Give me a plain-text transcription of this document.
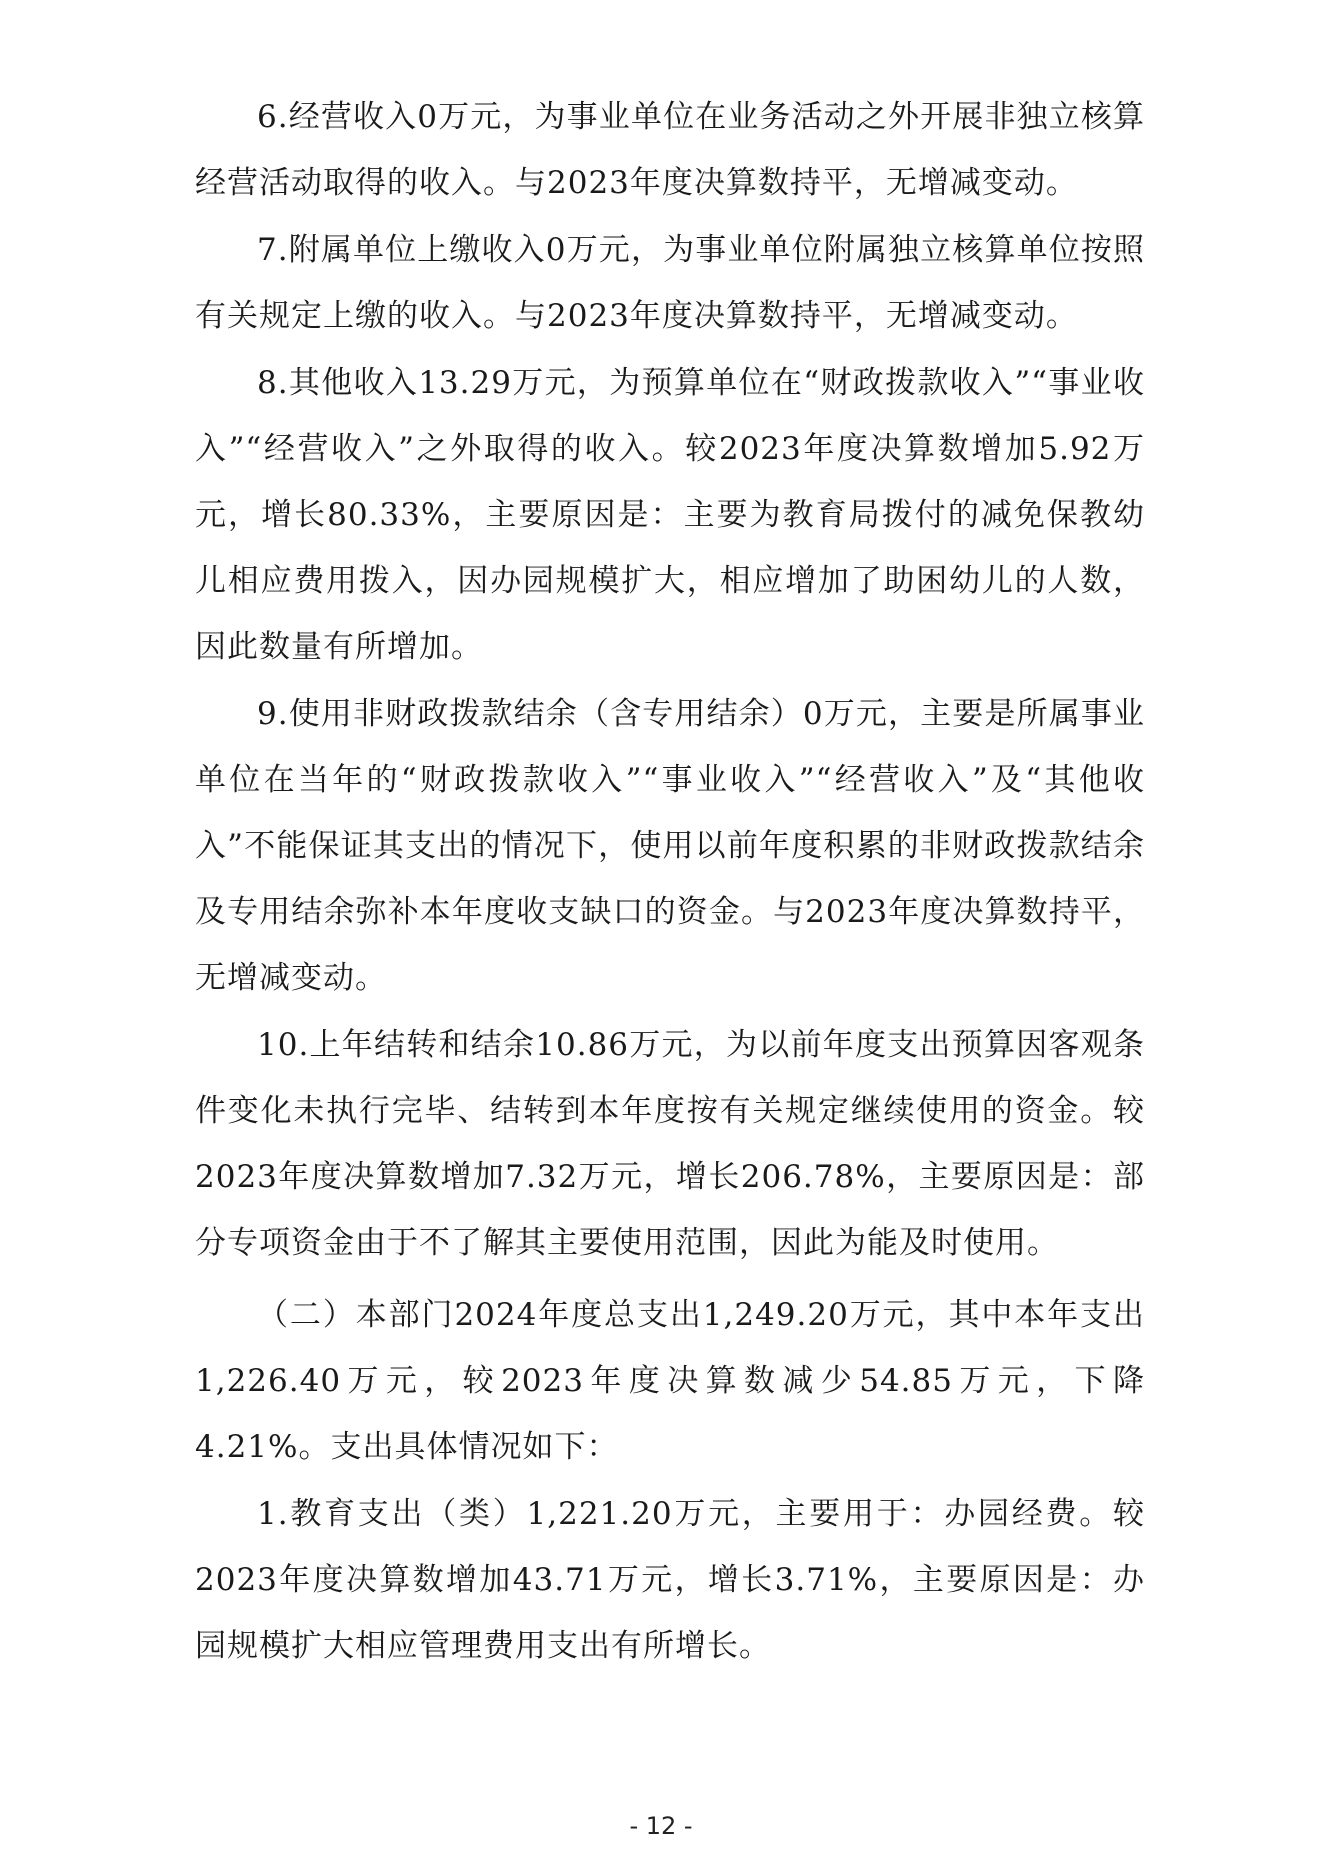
6.经营收入0万元，为事业单位在业务活动之外开展非独立核算经营活动取得的收入。与2023年度决算数持平，无增减变动。

7.附属单位上缴收入0万元，为事业单位附属独立核算单位按照有关规定上缴的收入。与2023年度决算数持平，无增减变动。

8.其他收入13.29万元，为预算单位在“财政拨款收入”“事业收入”“经营收入”之外取得的收入。较2023年度决算数增加5.92万元，增长80.33%，主要原因是：主要为教育局拨付的减免保教幼儿相应费用拨入，因办园规模扩大，相应增加了助困幼儿的人数，因此数量有所增加。

9.使用非财政拨款结余（含专用结余）0万元，主要是所属事业单位在当年的“财政拨款收入”“事业收入”“经营收入”及“其他收入”不能保证其支出的情况下，使用以前年度积累的非财政拨款结余及专用结余弥补本年度收支缺口的资金。与2023年度决算数持平，无增减变动。

10.上年结转和结余10.86万元，为以前年度支出预算因客观条件变化未执行完毕、结转到本年度按有关规定继续使用的资金。较2023年度决算数增加7.32万元，增长206.78%，主要原因是：部分专项资金由于不了解其主要使用范围，因此为能及时使用。

（二）本部门2024年度总支出1,249.20万元，其中本年支出1,226.40万元，较2023年度决算数减少54.85万元，下降4.21%。支出具体情况如下：

1.教育支出（类）1,221.20万元，主要用于：办园经费。较2023年度决算数增加43.71万元，增长3.71%，主要原因是：办园规模扩大相应管理费用支出有所增长。

- 12 -
